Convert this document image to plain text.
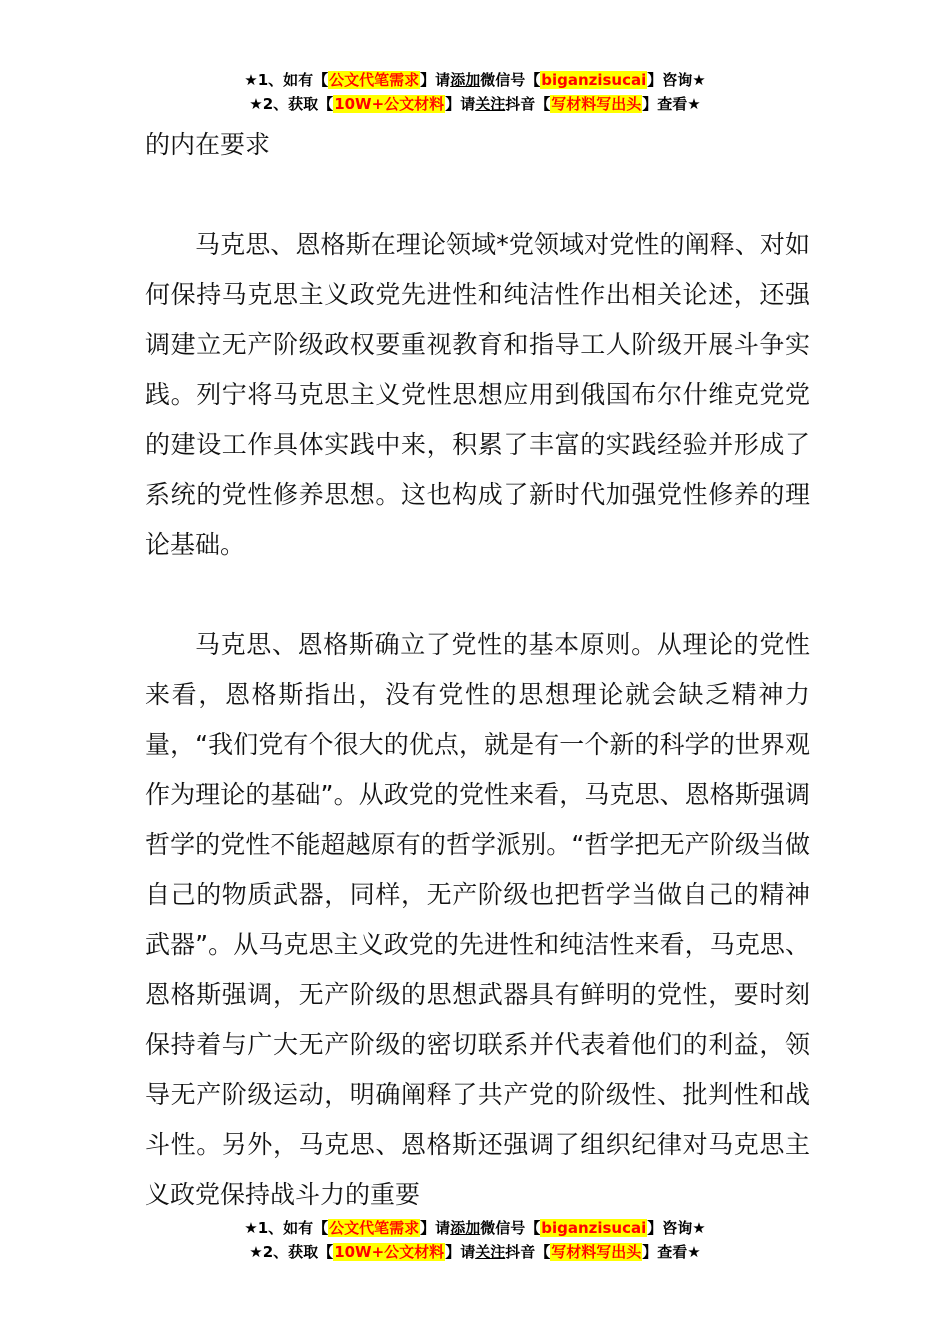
★1、如有【公文代笔需求】请添加微信号【biganzisucai】咨询★
★2、获取【10W+公文材料】请关注抖音【写材料写出头】查看★

的内在要求

马克思、恩格斯在理论领域*党领域对党性的阐释、对如何保持马克思主义政党先进性和纯洁性作出相关论述，还强调建立无产阶级政权要重视教育和指导工人阶级开展斗争实践。列宁将马克思主义党性思想应用到俄国布尔什维克党党的建设工作具体实践中来，积累了丰富的实践经验并形成了系统的党性修养思想。这也构成了新时代加强党性修养的理论基础。

马克思、恩格斯确立了党性的基本原则。从理论的党性来看，恩格斯指出，没有党性的思想理论就会缺乏精神力量，“我们党有个很大的优点，就是有一个新的科学的世界观作为理论的基础”。从政党的党性来看，马克思、恩格斯强调哲学的党性不能超越原有的哲学派别。“哲学把无产阶级当做自己的物质武器，同样，无产阶级也把哲学当做自己的精神武器”。从马克思主义政党的先进性和纯洁性来看，马克思、恩格斯强调，无产阶级的思想武器具有鲜明的党性，要时刻保持着与广大无产阶级的密切联系并代表着他们的利益，领导无产阶级运动，明确阐释了共产党的阶级性、批判性和战斗性。另外，马克思、恩格斯还强调了组织纪律对马克思主义政党保持战斗力的重要

★1、如有【公文代笔需求】请添加微信号【biganzisucai】咨询★
★2、获取【10W+公文材料】请关注抖音【写材料写出头】查看★
